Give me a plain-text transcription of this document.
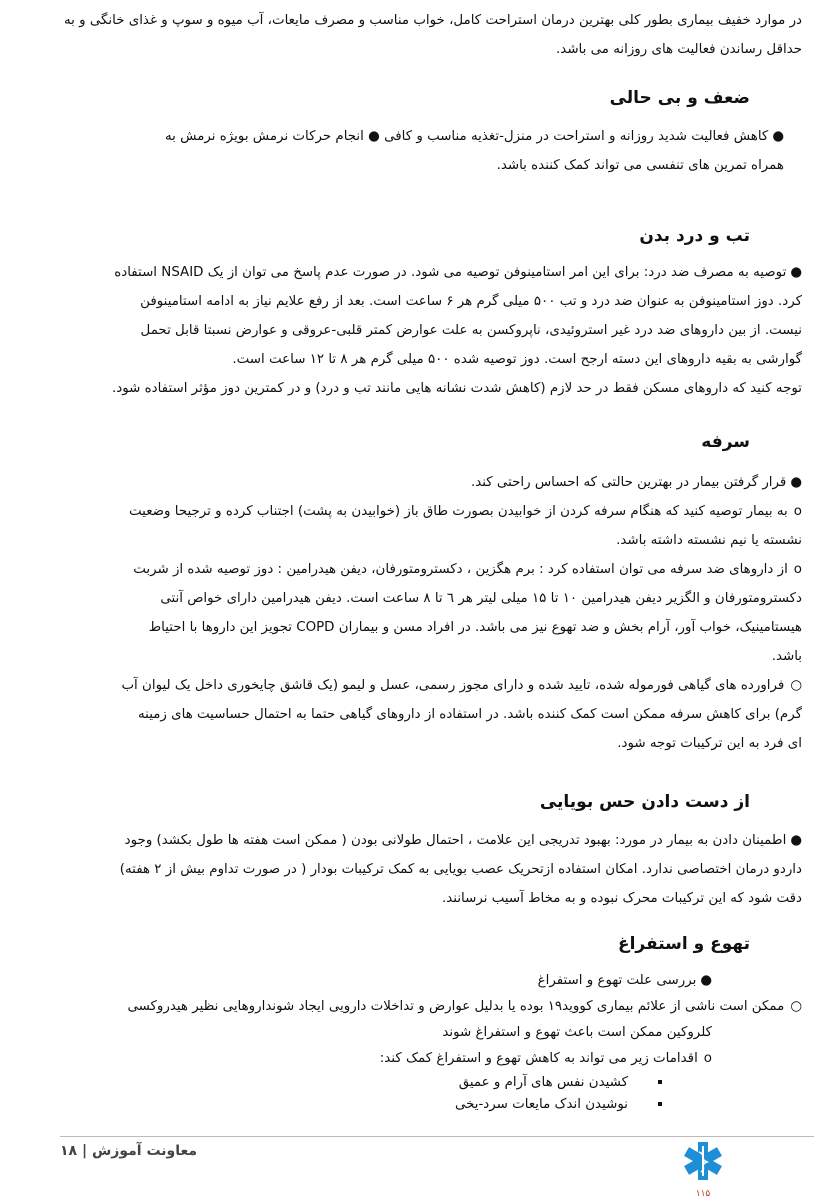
در موارد خفیف بیماری بطور کلی بهترین درمان استراحت کامل، خواب مناسب و مصرف مایعات، آب میوه و سوپ و غذای خانگی و به
حداقل رساندن فعالیت های روزانه می باشد.
ضعف و بی حالی
●کاهش فعالیت شدید روزانه و استراحت در منزل-تغذیه مناسب و کافی ● انجام حرکات نرمش بویژه نرمش به
همراه تمرین های تنفسی می تواند کمک کننده باشد.
تب و درد بدن
●توصیه به مصرف ضد درد: برای این امر استامینوفن توصیه می شود. در صورت عدم پاسخ می توان از یک NSAID استفاده
کرد. دوز استامینوفن به عنوان ضد درد و تب ۵۰۰ میلی گرم هر ۶ ساعت است. بعد از رفع علایم نیاز به ادامه استامینوفن
نیست. از بین داروهای ضد درد غیر استروئیدی، ناپروکسن به علت عوارض کمتر قلبی-عروقی و عوارض نسبتا قابل تحمل
گوارشی به بقیه داروهای این دسته ارجح است. دوز توصیه شده ۵۰۰ میلی گرم هر ۸ تا ۱۲ ساعت است.
توجه کنید که داروهای مسکن فقط در حد لازم (کاهش شدت نشانه هایی مانند تب و درد) و در کمترین دوز مؤثر استفاده شود.
سرفه
●قرار گرفتن بیمار در بهترین حالتی که احساس راحتی کند.
oبه بیمار توصیه کنید که هنگام سرفه کردن از خوابیدن بصورت طاق باز (خوابیدن به پشت) اجتناب کرده و ترجیحا وضعیت
نشسته یا نیم نشسته داشته باشد.
oاز داروهای ضد سرفه می توان استفاده کرد : برم هگزین ، دکسترومتورفان، دیفن هیدرامین : دوز توصیه شده از شربت
دکسترومتورفان و الگزیر دیفن هیدرامین ۱۰ تا ۱۵ میلی لیتر هر ٦ تا ۸ ساعت است. دیفن هیدرامین دارای خواص آنتی
هیستامینیک، خواب آور، آرام بخش و ضد تهوع نیز می باشد. در افراد مسن و بیماران COPD تجویز این داروها با احتیاط
باشد.
○فراورده های گیاهی فورموله شده، تایید شده و دارای مجوز رسمی، عسل و لیمو (یک قاشق چایخوری داخل یک لیوان آب
گرم) برای کاهش سرفه ممکن است کمک کننده باشد. در استفاده از داروهای گیاهی حتما به احتمال حساسیت های زمینه
ای فرد به این ترکیبات توجه شود.
از دست دادن حس بویایی
●اطمینان دادن به بیمار در مورد: بهبود تدریجی این علامت ، احتمال طولانی بودن ( ممکن است هفته ها طول بکشد) وجود
داردو درمان اختصاصی ندارد. امکان استفاده ازتحریک عصب بویایی به کمک ترکیبات بودار ( در صورت تداوم بیش از ۲ هفته)
دقت شود که این ترکیبات محرک نبوده و به مخاط آسیب نرسانند.
تهوع و استفراغ
●بررسی علت تهوع و استفراغ
○ممکن است ناشی از علائم بیماری کووید۱۹ بوده یا بدلیل عوارض و تداخلات دارویی ایجاد شونداروهایی نظیر هیدروکسی
کلروکین ممکن است باعث تهوع و استفراغ شوند
oاقدامات زیر می تواند به کاهش تهوع و استفراغ کمک کند:
کشیدن نفس های آرام و عمیق
نوشیدن اندک مایعات سرد-یخی
معاونت آموزش | ۱۸
۱۱۵
